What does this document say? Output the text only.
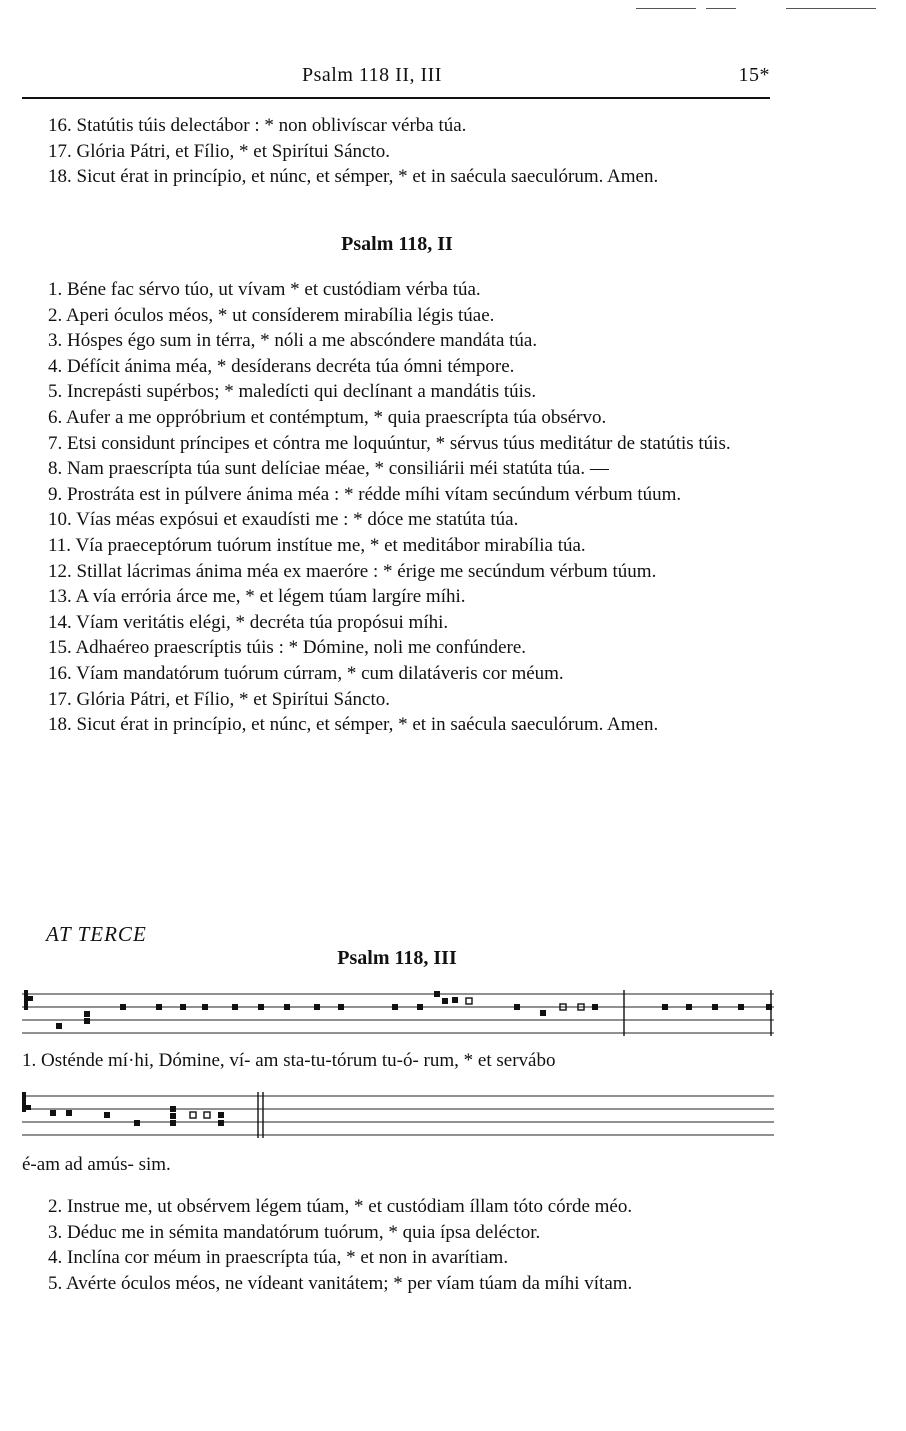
Psalm 118 II, III	15*

16. Statútis túis delectábor : * non oblivíscar vérba túa.

17. Glória Pátri, et Fílio, * et Spirítui Sáncto.

18. Sicut érat in princípio, et núnc, et sémper, * et in saécula saeculórum. Amen.

Psalm 118, II

1. Béne fac sérvo túo, ut vívam * et custódiam vérba túa.

2. Aperi óculos méos, * ut consíderem mirabília légis túae.

3. Hóspes égo sum in térra, * nóli a me abscóndere mandáta túa.

4. Défícit ánima méa, * desíderans decréta túa ómni témpore.

5. Increpásti supérbos; * maledícti qui declínant a mandátis túis.

6. Aufer a me oppróbrium et contémptum, * quia praescrípta túa obsérvo.

7. Etsi considunt príncipes et cóntra me loquúntur, * sérvus túus meditátur de statútis túis.

8. Nam praescrípta túa sunt delíciae méae, * consiliárii méi statúta túa. —

9. Prostráta est in púlvere ánima méa : * rédde míhi vítam secúndum vérbum túum.

10. Vías méas expósui et exaudísti me : * dóce me statúta túa.

11. Vía praeceptórum tuórum instítue me, * et meditábor mirabília túa.

12. Stillat lácrimas ánima méa ex maeróre : * érige me secúndum vérbum túum.

13. A vía errória árce me, * et légem túam largíre míhi.

14. Víam veritátis elégi, * decréta túa propósui míhi.

15. Adhaéreo praescríptis túis : * Dómine, noli me confúndere.

16. Víam mandatórum tuórum cúrram, * cum dilatáveris cor méum.

17. Glória Pátri, et Fílio, * et Spirítui Sáncto.

18. Sicut érat in princípio, et núnc, et sémper, * et in saécula saeculórum. Amen.

AT TERCE

Psalm 118, III

1. Osténde mí·hi, Dómine, ví- am sta-tu-tórum tu-ó- rum, * et servábo
é-am ad amús- sim.

2. Instrue me, ut obsérvem légem túam, * et custódiam íllam tóto córde méo.

3. Déduc me in sémita mandatórum tuórum, * quia ípsa deléctor.

4. Inclína cor méum in praescrípta túa, * et non in avarítiam.

5. Avérte óculos méos, ne vídeant vanitátem; * per víam túam da míhi vítam.
